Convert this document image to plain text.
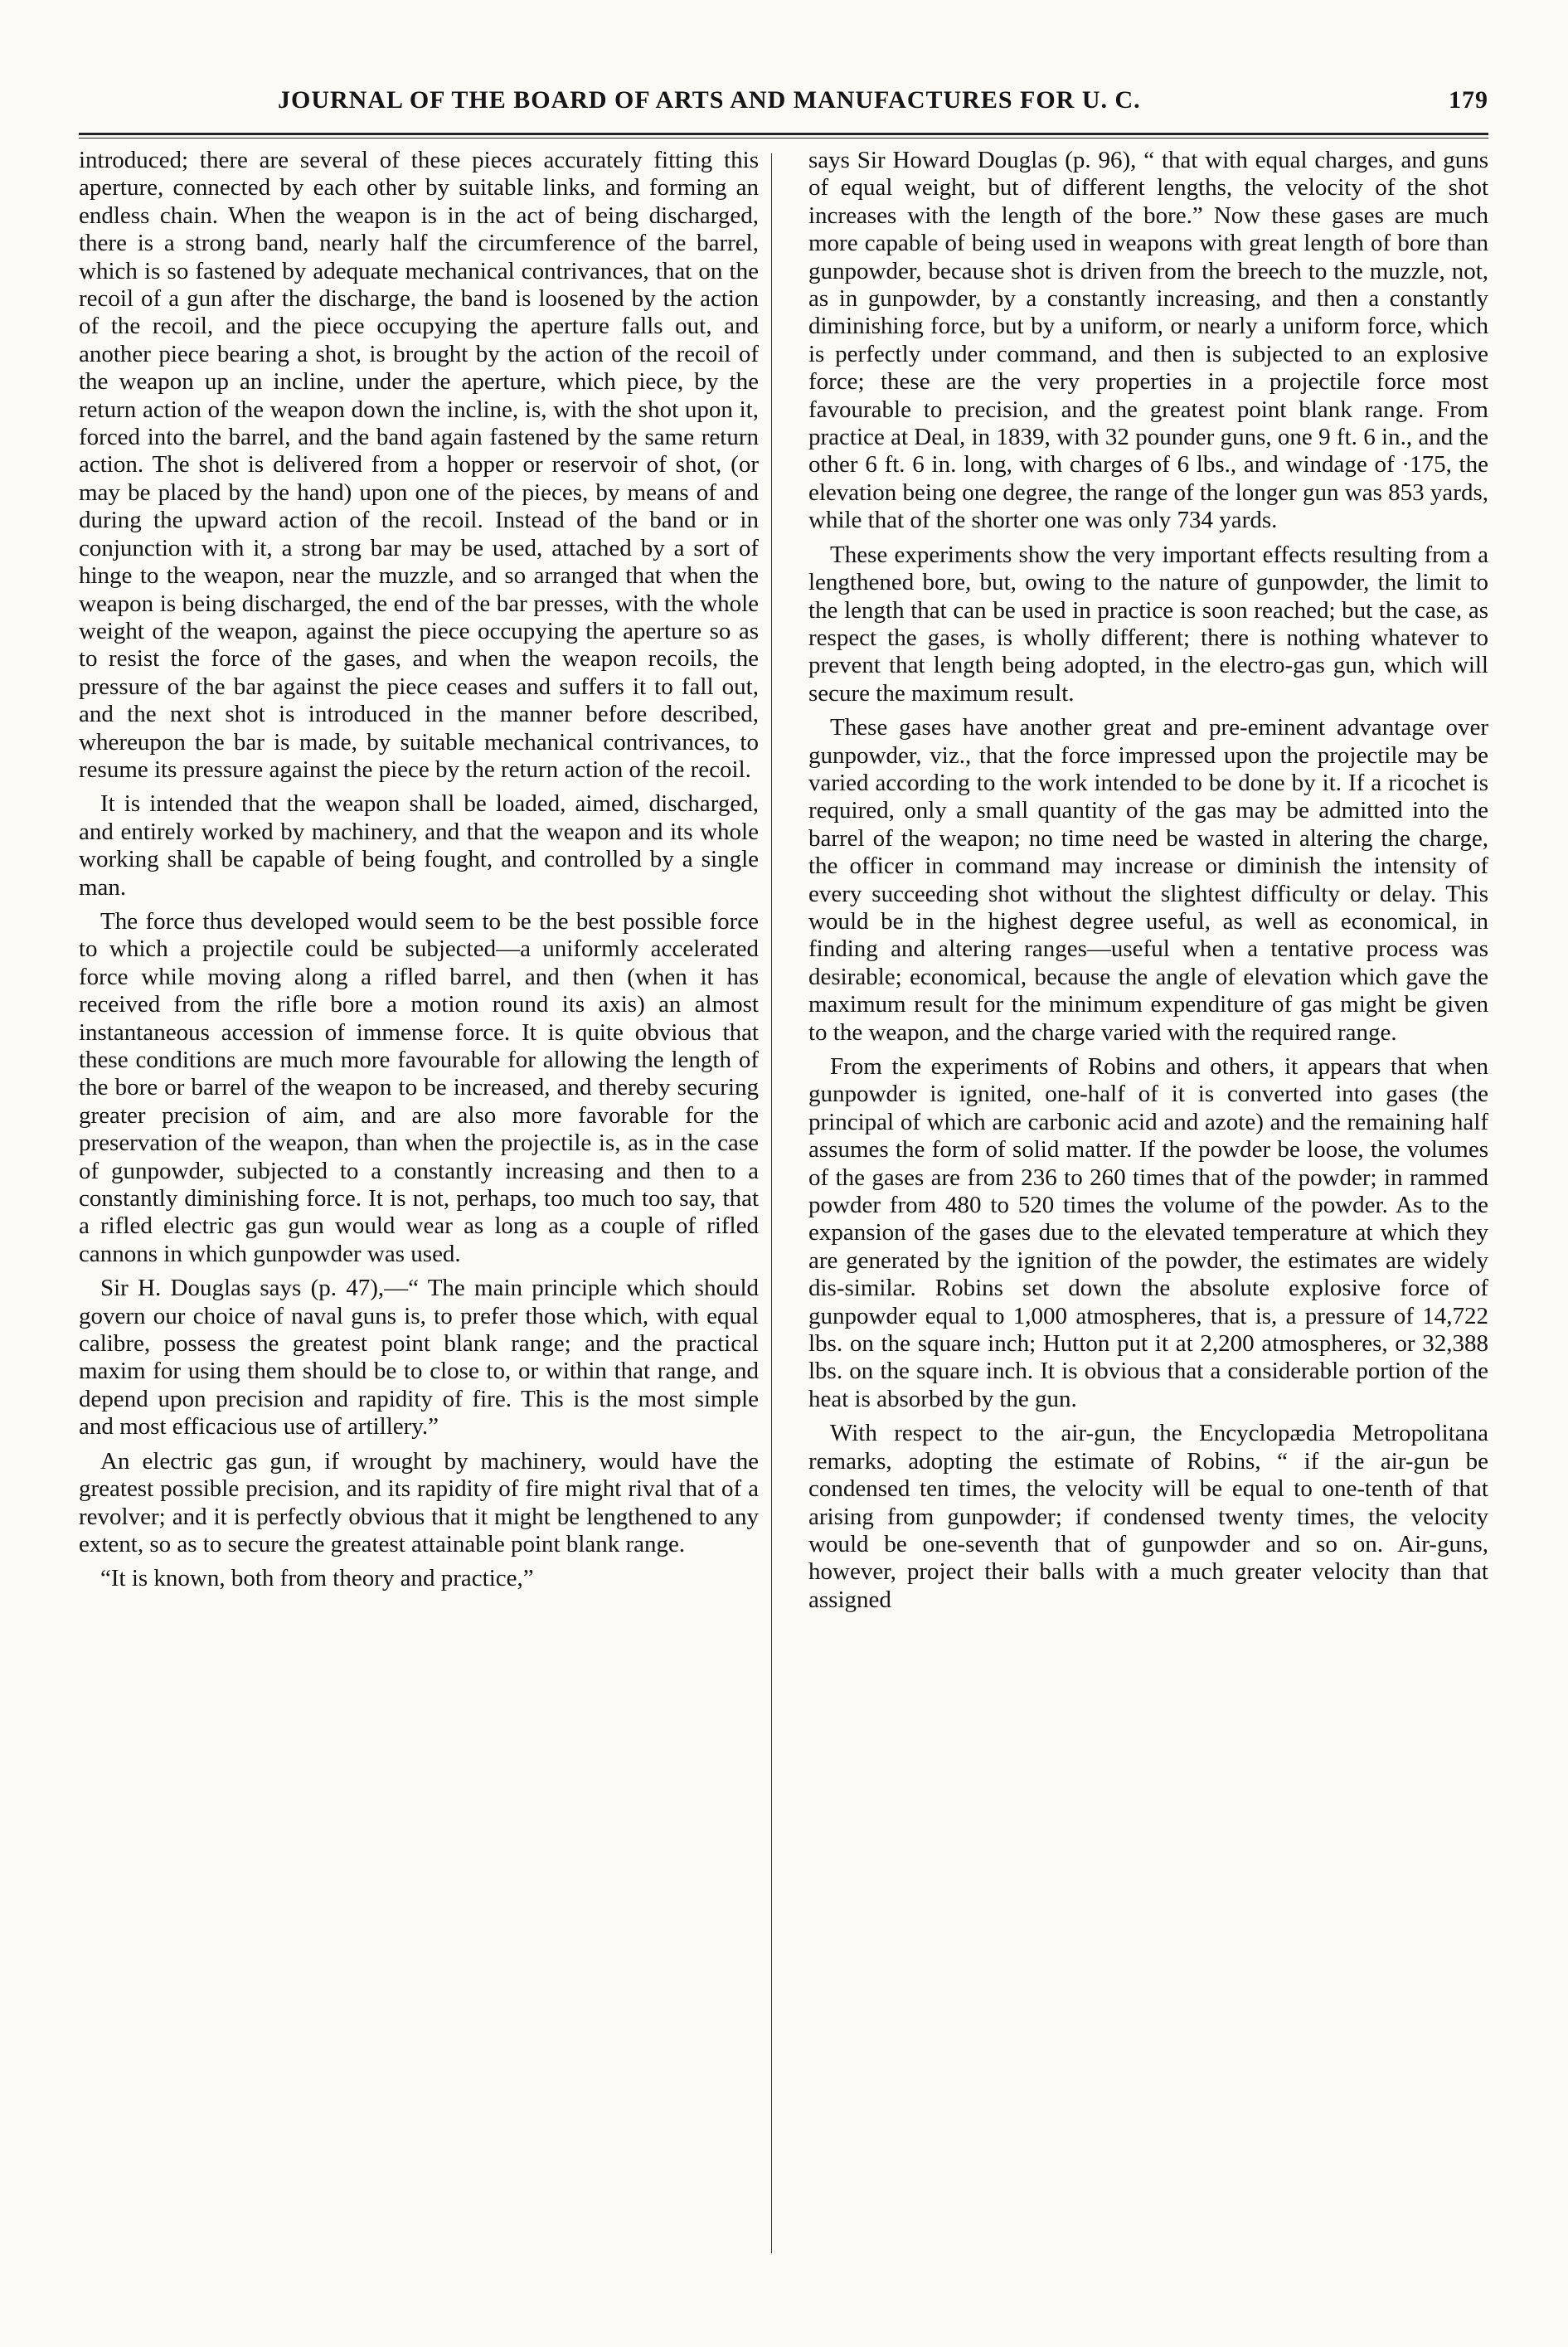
JOURNAL OF THE BOARD OF ARTS AND MANUFACTURES FOR U. C.	179

introduced; there are several of these pieces accurately fitting this aperture, connected by each other by suitable links, and forming an endless chain. When the weapon is in the act of being discharged, there is a strong band, nearly half the circumference of the barrel, which is so fastened by adequate mechanical contrivances, that on the recoil of a gun after the discharge, the band is loosened by the action of the recoil, and the piece occupying the aperture falls out, and another piece bearing a shot, is brought by the action of the recoil of the weapon up an incline, under the aperture, which piece, by the return action of the weapon down the incline, is, with the shot upon it, forced into the barrel, and the band again fastened by the same return action. The shot is delivered from a hopper or reservoir of shot, (or may be placed by the hand) upon one of the pieces, by means of and during the upward action of the recoil. Instead of the band or in conjunction with it, a strong bar may be used, attached by a sort of hinge to the weapon, near the muzzle, and so arranged that when the weapon is being discharged, the end of the bar presses, with the whole weight of the weapon, against the piece occupying the aperture so as to resist the force of the gases, and when the weapon recoils, the pressure of the bar against the piece ceases and suffers it to fall out, and the next shot is introduced in the manner before described, whereupon the bar is made, by suitable mechanical contrivances, to resume its pressure against the piece by the return action of the recoil.

It is intended that the weapon shall be loaded, aimed, discharged, and entirely worked by machinery, and that the weapon and its whole working shall be capable of being fought, and controlled by a single man.

The force thus developed would seem to be the best possible force to which a projectile could be subjected—a uniformly accelerated force while moving along a rifled barrel, and then (when it has received from the rifle bore a motion round its axis) an almost instantaneous accession of immense force. It is quite obvious that these conditions are much more favourable for allowing the length of the bore or barrel of the weapon to be increased, and thereby securing greater precision of aim, and are also more favorable for the preservation of the weapon, than when the projectile is, as in the case of gunpowder, subjected to a constantly increasing and then to a constantly diminishing force. It is not, perhaps, too much too say, that a rifled electric gas gun would wear as long as a couple of rifled cannons in which gunpowder was used.

Sir H. Douglas says (p. 47),—“ The main principle which should govern our choice of naval guns is, to prefer those which, with equal calibre, possess the greatest point blank range; and the practical maxim for using them should be to close to, or within that range, and depend upon precision and rapidity of fire. This is the most simple and most efficacious use of artillery.”

An electric gas gun, if wrought by machinery, would have the greatest possible precision, and its rapidity of fire might rival that of a revolver; and it is perfectly obvious that it might be lengthened to any extent, so as to secure the greatest attainable point blank range.

“It is known, both from theory and practice,”

says Sir Howard Douglas (p. 96), “ that with equal charges, and guns of equal weight, but of different lengths, the velocity of the shot increases with the length of the bore.” Now these gases are much more capable of being used in weapons with great length of bore than gunpowder, because shot is driven from the breech to the muzzle, not, as in gunpowder, by a constantly increasing, and then a constantly diminishing force, but by a uniform, or nearly a uniform force, which is perfectly under command, and then is subjected to an explosive force; these are the very properties in a projectile force most favourable to precision, and the greatest point blank range. From practice at Deal, in 1839, with 32 pounder guns, one 9 ft. 6 in., and the other 6 ft. 6 in. long, with charges of 6 lbs., and windage of ·175, the elevation being one degree, the range of the longer gun was 853 yards, while that of the shorter one was only 734 yards.

These experiments show the very important effects resulting from a lengthened bore, but, owing to the nature of gunpowder, the limit to the length that can be used in practice is soon reached; but the case, as respect the gases, is wholly different; there is nothing whatever to prevent that length being adopted, in the electro-gas gun, which will secure the maximum result.

These gases have another great and pre-eminent advantage over gunpowder, viz., that the force impressed upon the projectile may be varied according to the work intended to be done by it. If a ricochet is required, only a small quantity of the gas may be admitted into the barrel of the weapon; no time need be wasted in altering the charge, the officer in command may increase or diminish the intensity of every succeeding shot without the slightest difficulty or delay. This would be in the highest degree useful, as well as economical, in finding and altering ranges—useful when a tentative process was desirable; economical, because the angle of elevation which gave the maximum result for the minimum expenditure of gas might be given to the weapon, and the charge varied with the required range.

From the experiments of Robins and others, it appears that when gunpowder is ignited, one-half of it is converted into gases (the principal of which are carbonic acid and azote) and the remaining half assumes the form of solid matter. If the powder be loose, the volumes of the gases are from 236 to 260 times that of the powder; in rammed powder from 480 to 520 times the volume of the powder. As to the expansion of the gases due to the elevated temperature at which they are generated by the ignition of the powder, the estimates are widely dis-similar. Robins set down the absolute explosive force of gunpowder equal to 1,000 atmospheres, that is, a pressure of 14,722 lbs. on the square inch; Hutton put it at 2,200 atmospheres, or 32,388 lbs. on the square inch. It is obvious that a considerable portion of the heat is absorbed by the gun.

With respect to the air-gun, the Encyclopædia Metropolitana remarks, adopting the estimate of Robins, “ if the air-gun be condensed ten times, the velocity will be equal to one-tenth of that arising from gunpowder; if condensed twenty times, the velocity would be one-seventh that of gunpowder and so on. Air-guns, however, project their balls with a much greater velocity than that assigned
